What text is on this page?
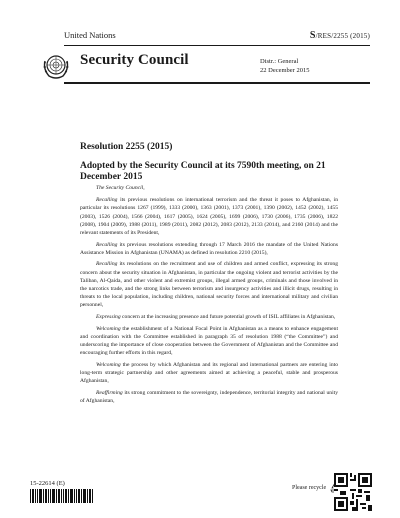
United Nations	S/RES/2255 (2015)
Security Council	Distr.: General
22 December 2015
Resolution 2255 (2015)
Adopted by the Security Council at its 7590th meeting, on 21 December 2015

The Security Council,

Recalling its previous resolutions on international terrorism and the threat it poses to Afghanistan, in particular its resolutions 1267 (1999), 1333 (2000), 1363 (2001), 1373 (2001), 1390 (2002), 1452 (2002), 1455 (2003), 1526 (2004), 1566 (2004), 1617 (2005), 1624 (2005), 1699 (2006), 1730 (2006), 1735 (2006), 1822 (2008), 1904 (2009), 1988 (2011), 1989 (2011), 2082 (2012), 2083 (2012), 2133 (2014), and 2160 (2014) and the relevant statements of its President,

Recalling its previous resolutions extending through 17 March 2016 the mandate of the United Nations Assistance Mission in Afghanistan (UNAMA) as defined in resolution 2210 (2015),

Recalling its resolutions on the recruitment and use of children and armed conflict, expressing its strong concern about the security situation in Afghanistan, in particular the ongoing violent and terrorist activities by the Taliban, Al-Qaida, and other violent and extremist groups, illegal armed groups, criminals and those involved in the narcotics trade, and the strong links between terrorism and insurgency activities and illicit drugs, resulting in threats to the local population, including children, national security forces and international military and civilian personnel,

Expressing concern at the increasing presence and future potential growth of ISIL affiliates in Afghanistan,

Welcoming the establishment of a National Focal Point in Afghanistan as a means to enhance engagement and coordination with the Committee established in paragraph 35 of resolution 1988 (“the Committee”) and underscoring the importance of close cooperation between the Government of Afghanistan and the Committee and encouraging further efforts in this regard,

Welcoming the process by which Afghanistan and its regional and international partners are entering into long-term strategic partnership and other agreements aimed at achieving a peaceful, stable and prosperous Afghanistan,

Reaffirming its strong commitment to the sovereignty, independence, territorial integrity and national unity of Afghanistan,

15-22614 (E)
Please recycle
